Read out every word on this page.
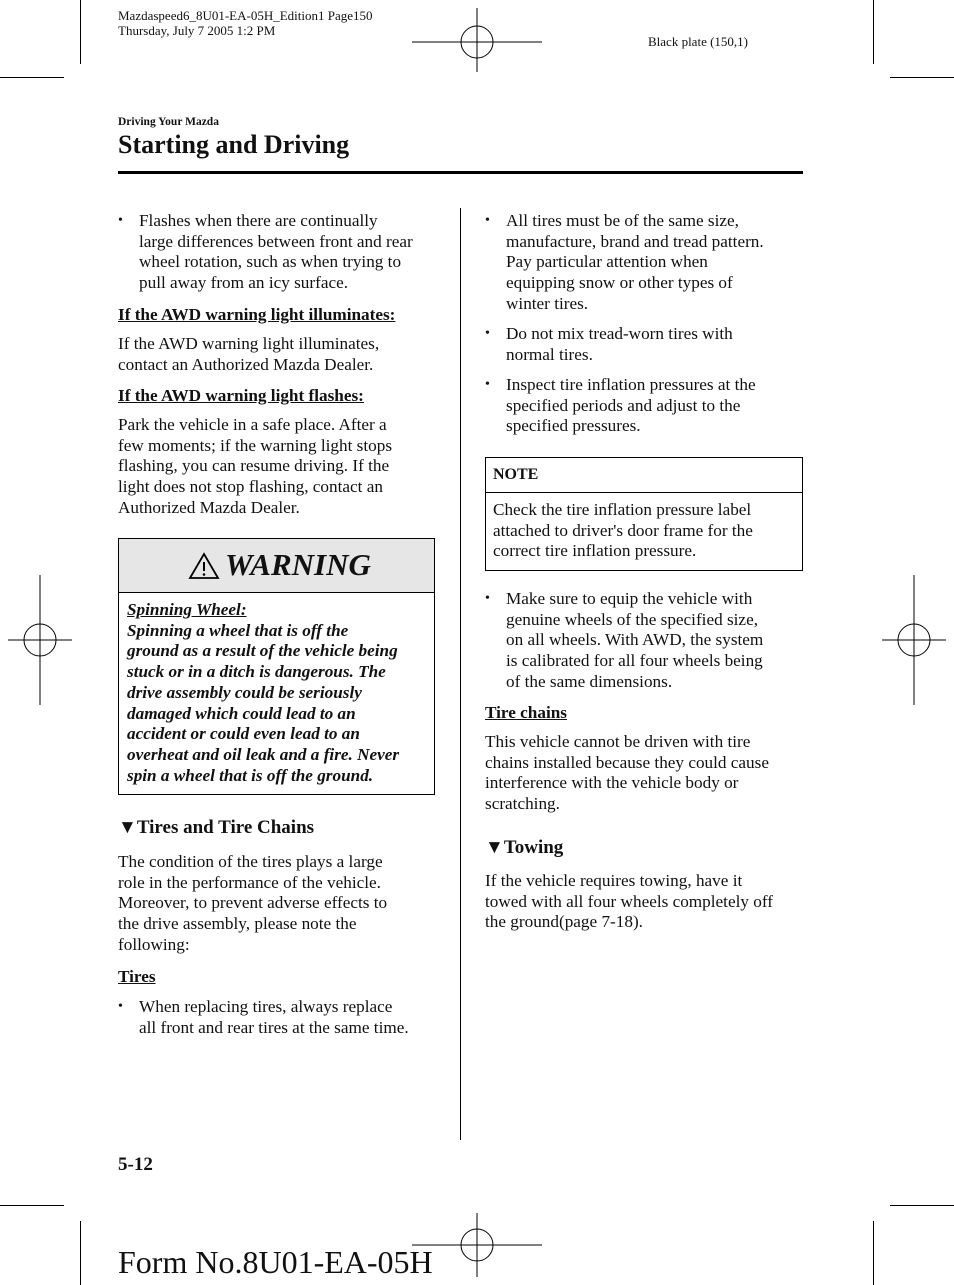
Mazdaspeed6_8U01-EA-05H_Edition1 Page150
Thursday, July 7 2005 1:2 PM
Black plate (150,1)
Driving Your Mazda
Starting and Driving
• Flashes when there are continually
large differences between front and rear
wheel rotation, such as when trying to
pull away from an icy surface.
If the AWD warning light illuminates:
If the AWD warning light illuminates,
contact an Authorized Mazda Dealer.
If the AWD warning light flashes:
Park the vehicle in a safe place. After a
few moments; if the warning light stops
flashing, you can resume driving. If the
light does not stop flashing, contact an
Authorized Mazda Dealer.
WARNING
Spinning Wheel:
Spinning a wheel that is off the
ground as a result of the vehicle being
stuck or in a ditch is dangerous. The
drive assembly could be seriously
damaged which could lead to an
accident or could even lead to an
overheat and oil leak and a fire. Never
spin a wheel that is off the ground.
▼Tires and Tire Chains
The condition of the tires plays a large
role in the performance of the vehicle.
Moreover, to prevent adverse effects to
the drive assembly, please note the
following:
Tires
• When replacing tires, always replace
all front and rear tires at the same time.
• All tires must be of the same size,
manufacture, brand and tread pattern.
Pay particular attention when
equipping snow or other types of
winter tires.
• Do not mix tread-worn tires with
normal tires.
• Inspect tire inflation pressures at the
specified periods and adjust to the
specified pressures.
NOTE
Check the tire inflation pressure label
attached to driver's door frame for the
correct tire inflation pressure.
• Make sure to equip the vehicle with
genuine wheels of the specified size,
on all wheels. With AWD, the system
is calibrated for all four wheels being
of the same dimensions.
Tire chains
This vehicle cannot be driven with tire
chains installed because they could cause
interference with the vehicle body or
scratching.
▼Towing
If the vehicle requires towing, have it
towed with all four wheels completely off
the ground(page 7-18).
5-12
Form No.8U01-EA-05H
